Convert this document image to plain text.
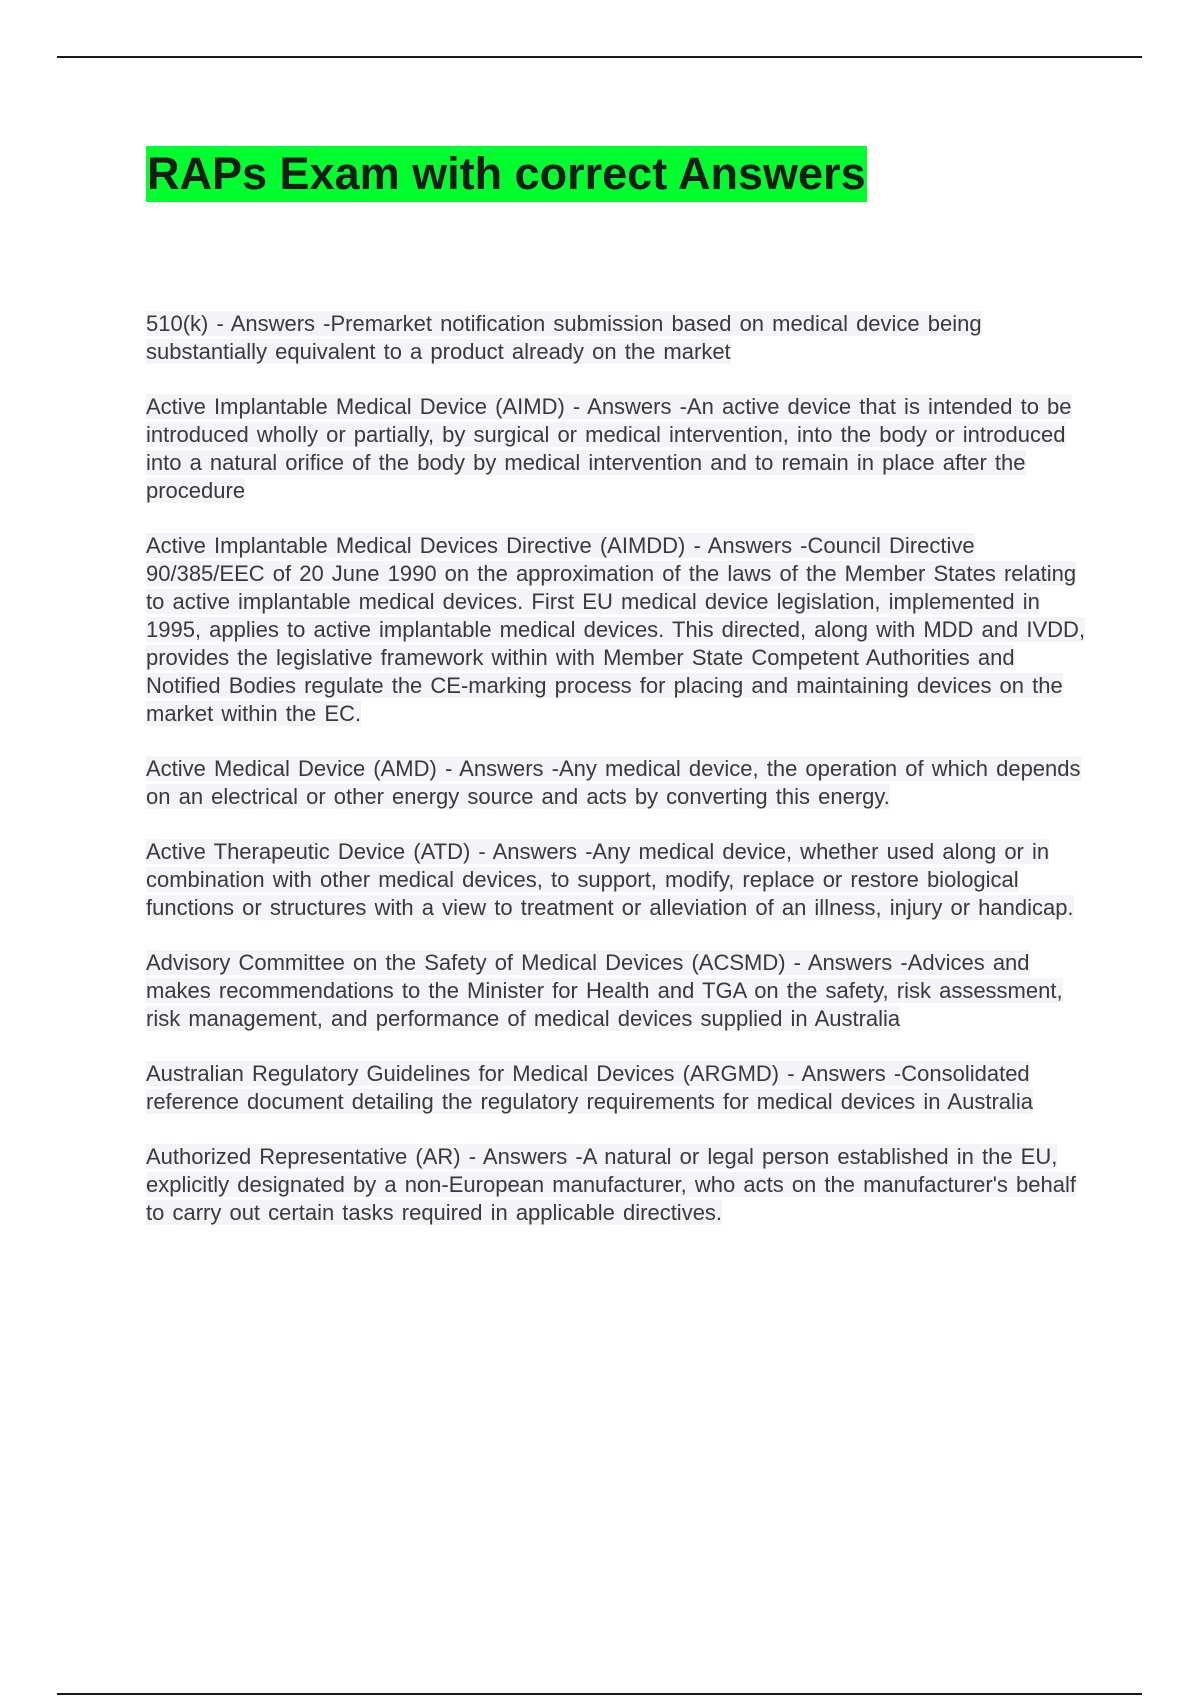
RAPs Exam with correct Answers

510(k) - Answers -Premarket notification submission based on medical device being substantially equivalent to a product already on the market

Active Implantable Medical Device (AIMD) - Answers -An active device that is intended to be introduced wholly or partially, by surgical or medical intervention, into the body or introduced into a natural orifice of the body by medical intervention and to remain in place after the procedure

Active Implantable Medical Devices Directive (AIMDD) - Answers -Council Directive 90/385/EEC of 20 June 1990 on the approximation of the laws of the Member States relating to active implantable medical devices. First EU medical device legislation, implemented in 1995, applies to active implantable medical devices. This directed, along with MDD and IVDD, provides the legislative framework within with Member State Competent Authorities and Notified Bodies regulate the CE-marking process for placing and maintaining devices on the market within the EC.

Active Medical Device (AMD) - Answers -Any medical device, the operation of which depends on an electrical or other energy source and acts by converting this energy.

Active Therapeutic Device (ATD) - Answers -Any medical device, whether used along or in combination with other medical devices, to support, modify, replace or restore biological functions or structures with a view to treatment or alleviation of an illness, injury or handicap.

Advisory Committee on the Safety of Medical Devices (ACSMD) - Answers -Advices and makes recommendations to the Minister for Health and TGA on the safety, risk assessment, risk management, and performance of medical devices supplied in Australia

Australian Regulatory Guidelines for Medical Devices (ARGMD) - Answers -Consolidated reference document detailing the regulatory requirements for medical devices in Australia

Authorized Representative (AR) - Answers -A natural or legal person established in the EU, explicitly designated by a non-European manufacturer, who acts on the manufacturer's behalf to carry out certain tasks required in applicable directives.
